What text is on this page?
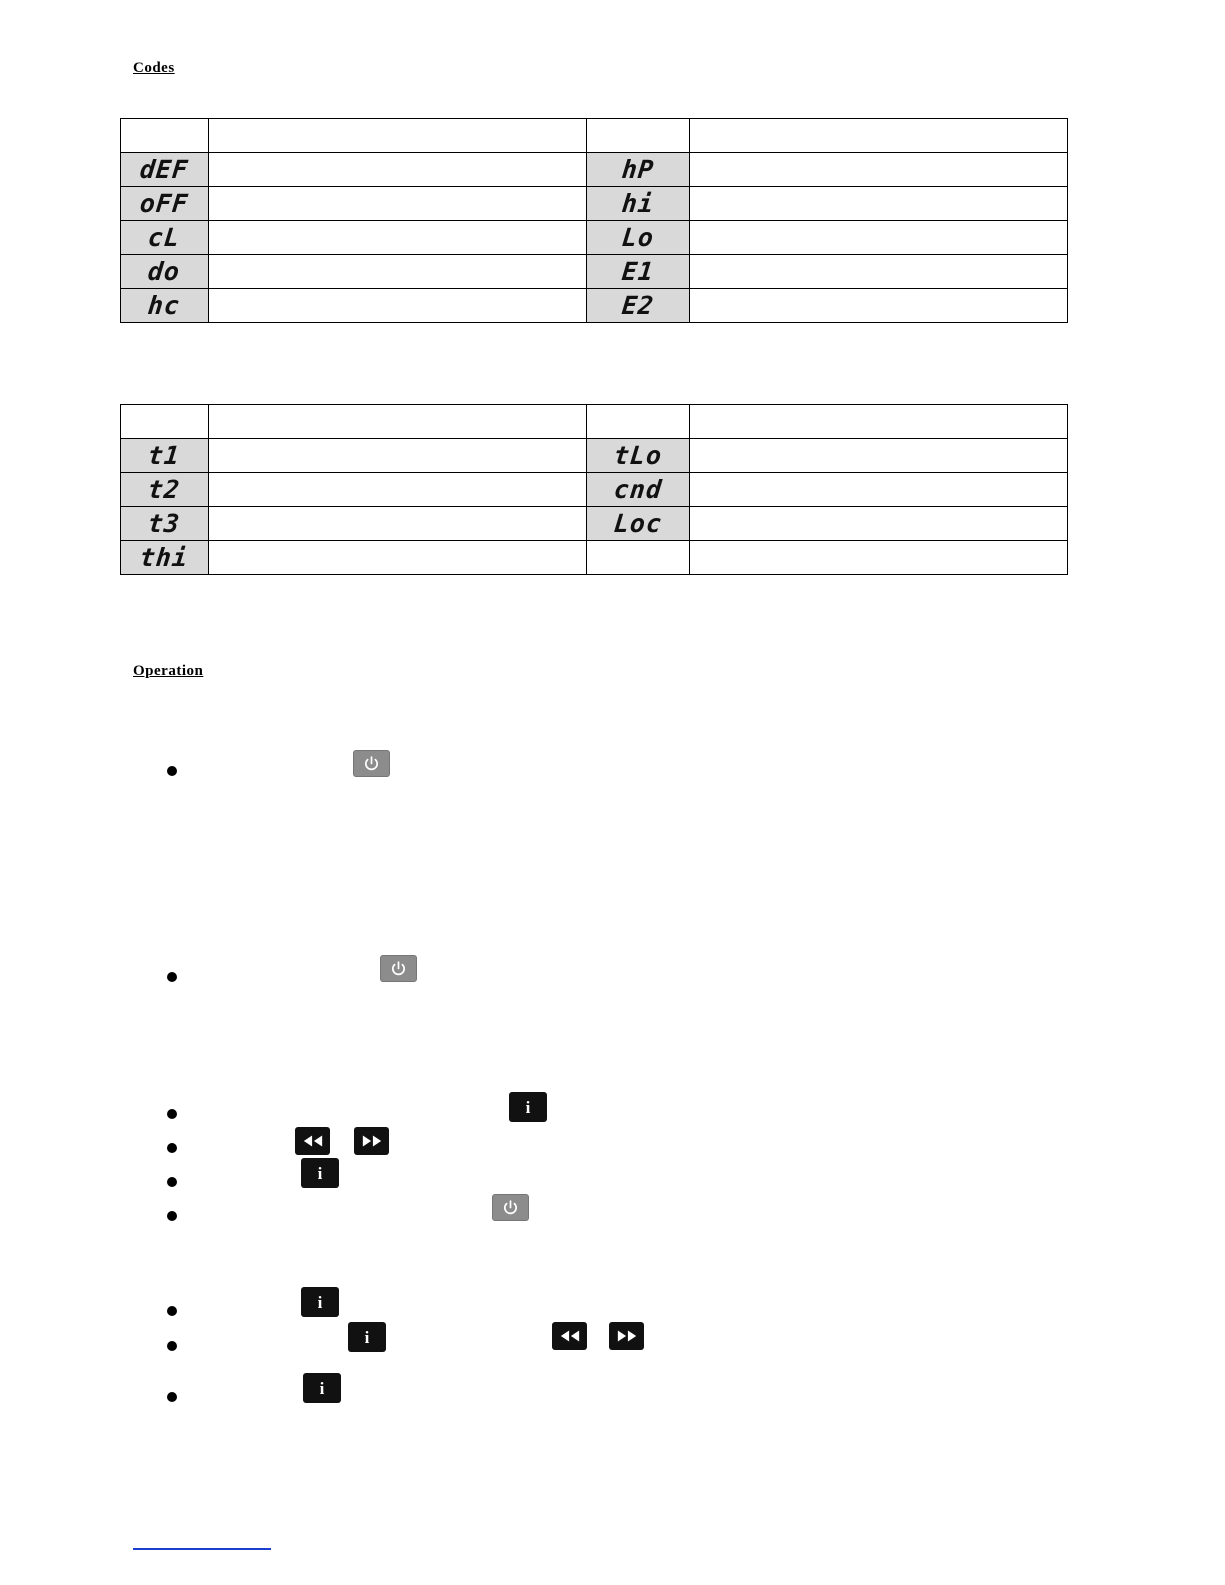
Codes

dEF		hP	
oFF		hi	
cL		Lo	
do		E1	
hc		E2	

t1		tLo	
t2		cnd	
t3		Loc	
thi			
Operation
i
i
i
i
i
